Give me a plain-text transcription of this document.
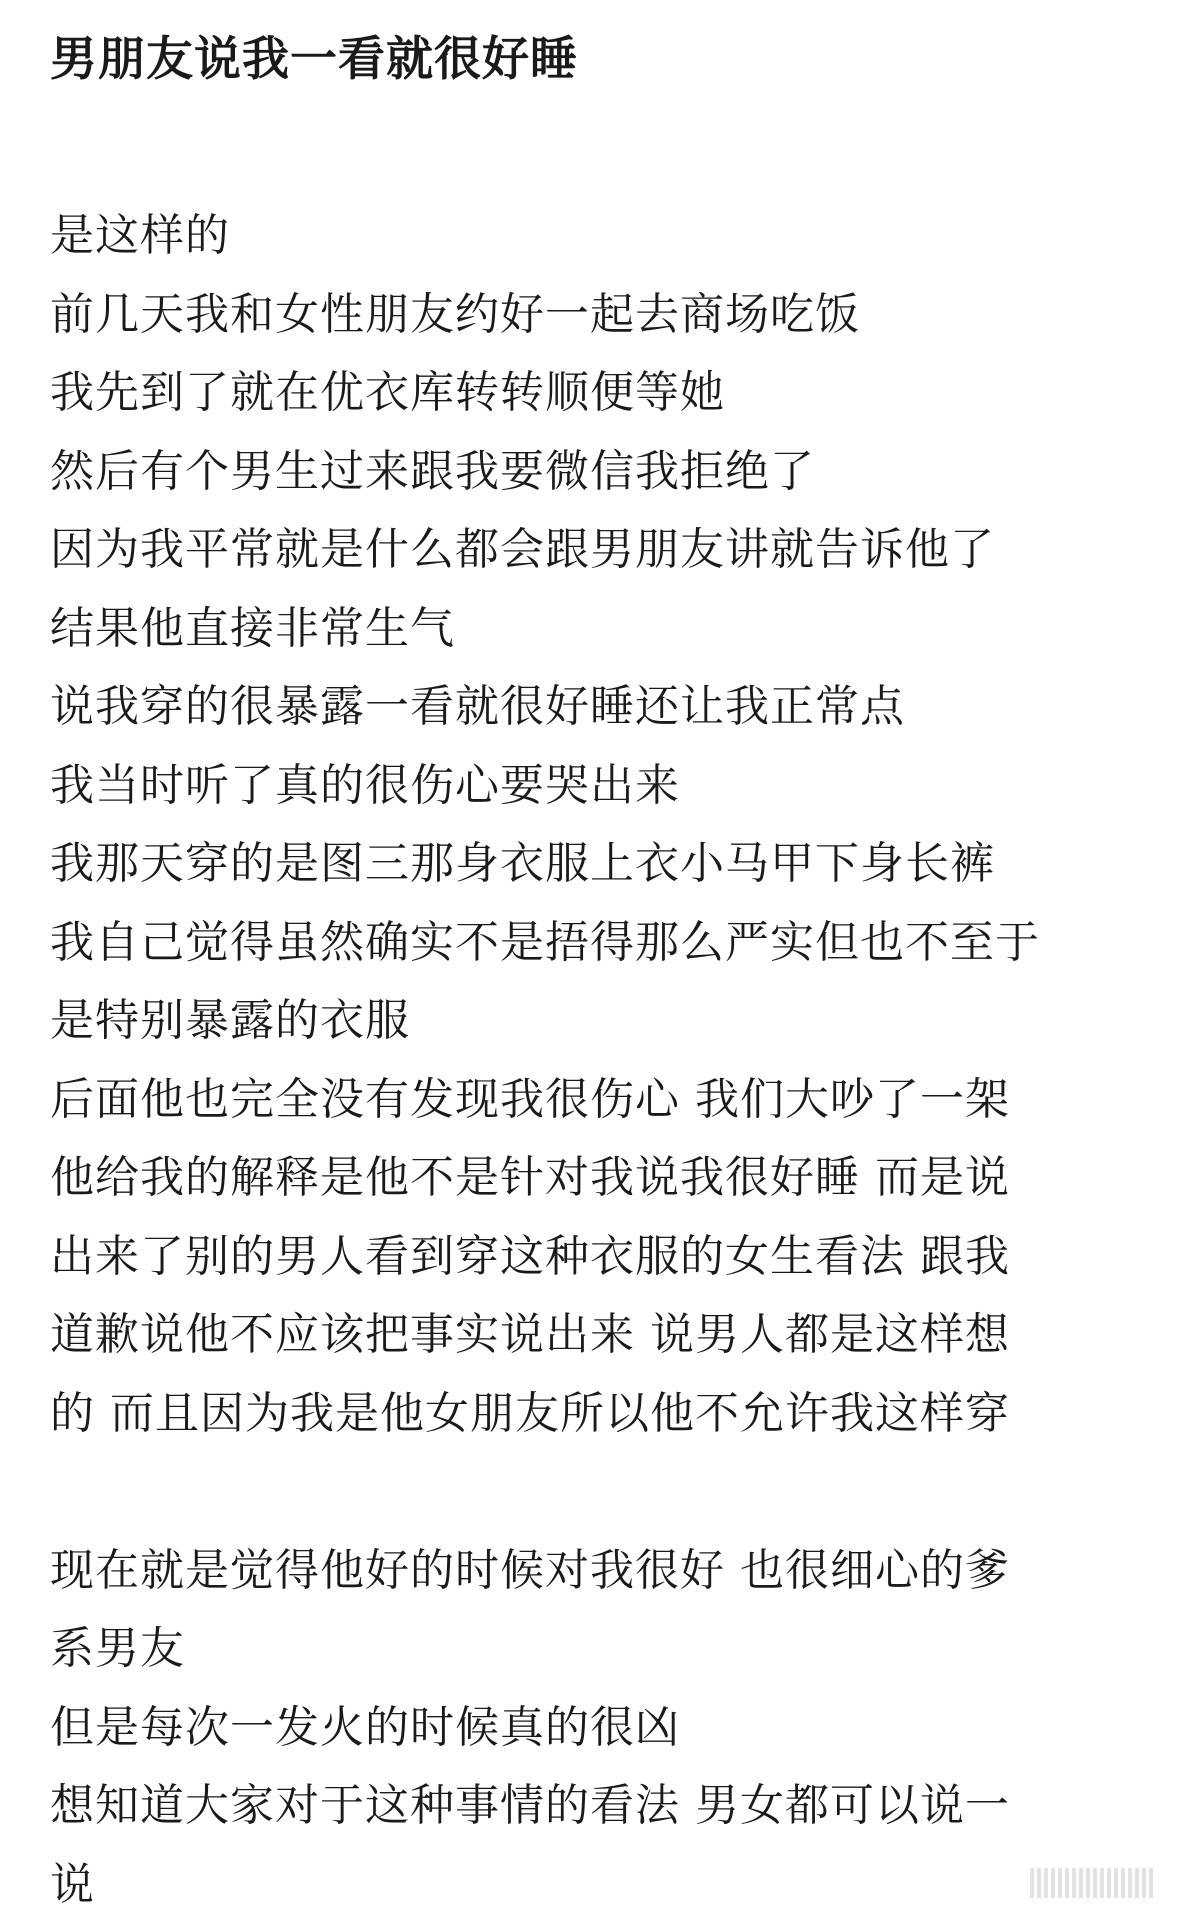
男朋友说我一看就很好睡
是这样的
前几天我和女性朋友约好一起去商场吃饭
我先到了就在优衣库转转顺便等她
然后有个男生过来跟我要微信我拒绝了
因为我平常就是什么都会跟男朋友讲就告诉他了
结果他直接非常生气
说我穿的很暴露一看就很好睡还让我正常点
我当时听了真的很伤心要哭出来
我那天穿的是图三那身衣服上衣小马甲下身长裤
我自己觉得虽然确实不是捂得那么严实但也不至于
是特别暴露的衣服
后面他也完全没有发现我很伤心 我们大吵了一架
他给我的解释是他不是针对我说我很好睡 而是说
出来了别的男人看到穿这种衣服的女生看法 跟我
道歉说他不应该把事实说出来 说男人都是这样想
的 而且因为我是他女朋友所以他不允许我这样穿
现在就是觉得他好的时候对我很好 也很细心的爹
系男友
但是每次一发火的时候真的很凶
想知道大家对于这种事情的看法 男女都可以说一
说
